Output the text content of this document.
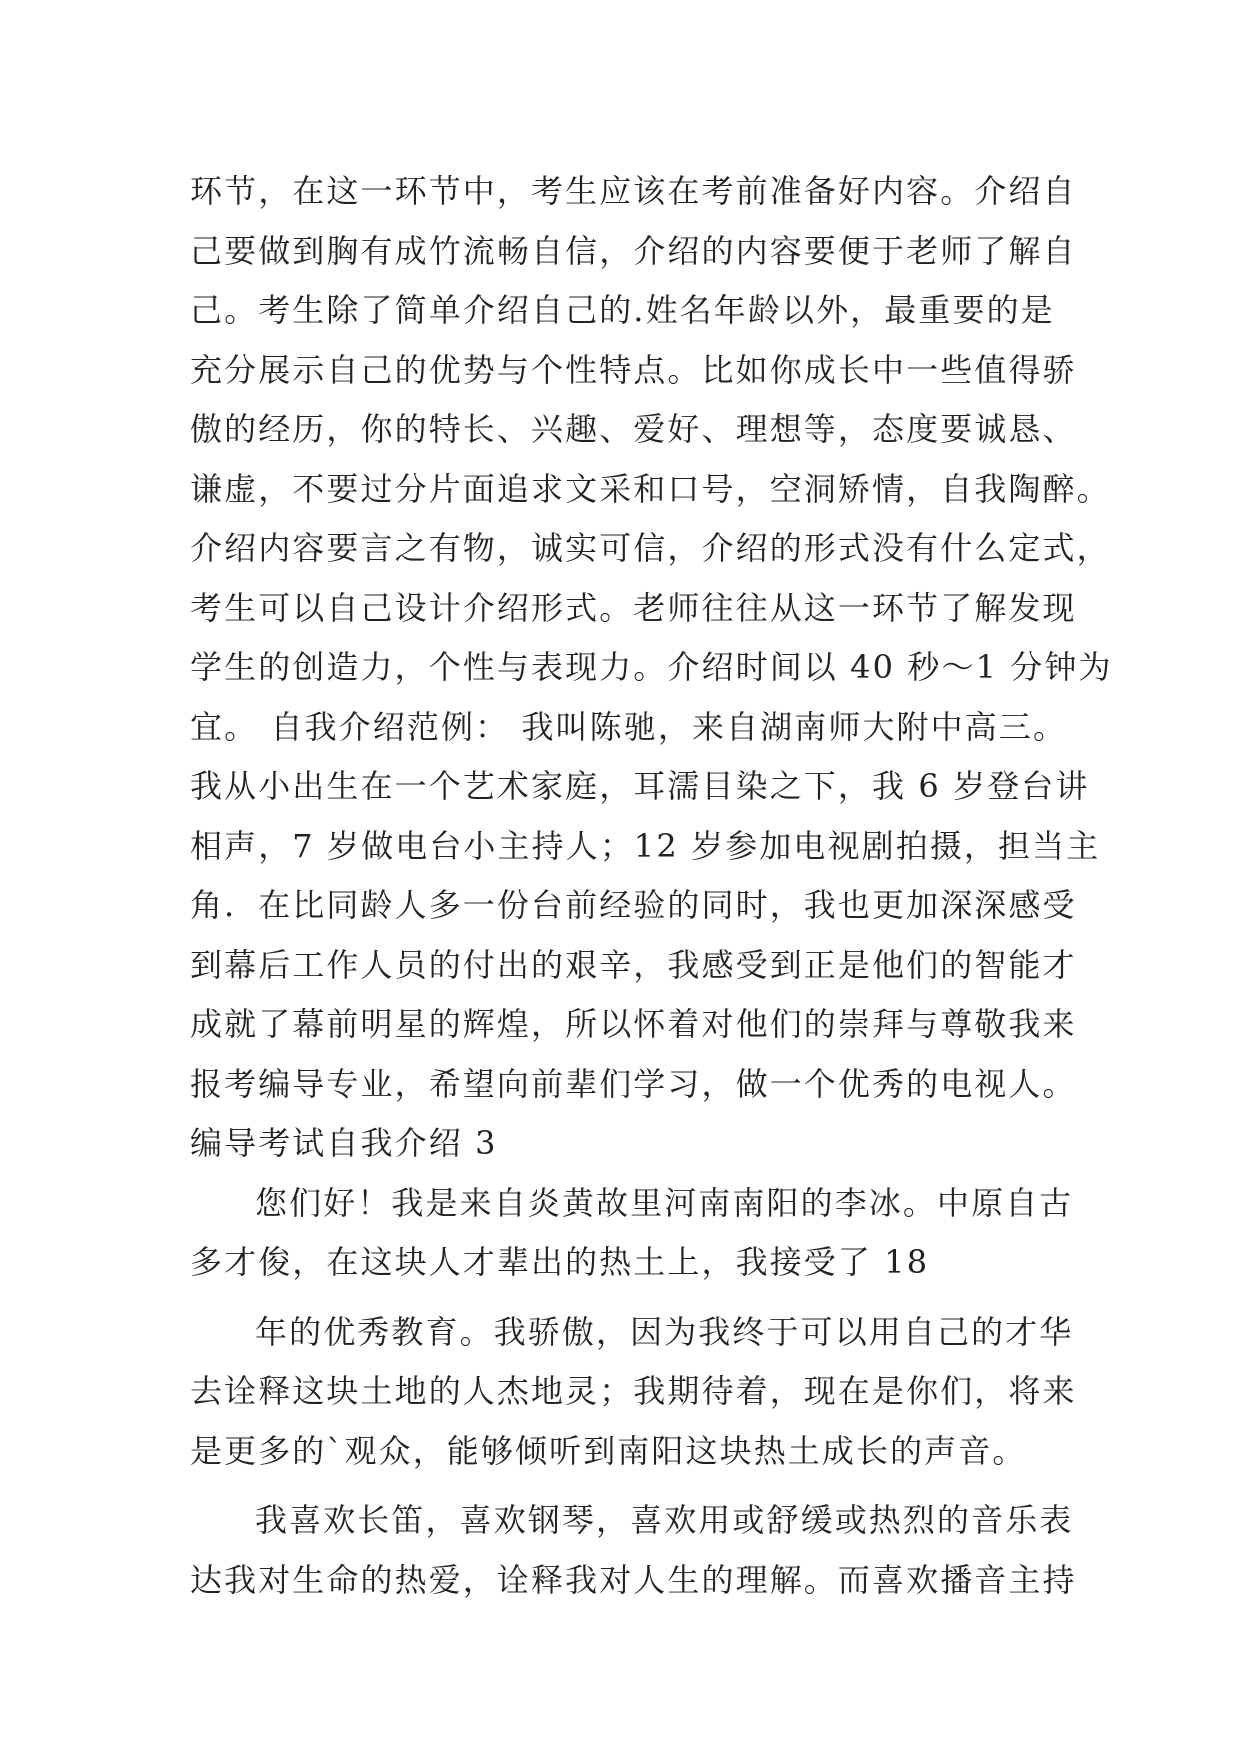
环节，在这一环节中，考生应该在考前准备好内容。介绍自
己要做到胸有成竹流畅自信，介绍的内容要便于老师了解自
己。考生除了简单介绍自己的.姓名年龄以外，最重要的是
充分展示自己的优势与个性特点。比如你成长中一些值得骄
傲的经历，你的特长、兴趣、爱好、理想等，态度要诚恳、
谦虚，不要过分片面追求文采和口号，空洞矫情，自我陶醉。
介绍内容要言之有物，诚实可信，介绍的形式没有什么定式，
考生可以自己设计介绍形式。老师往往从这一环节了解发现
学生的创造力，个性与表现力。介绍时间以 40 秒～1 分钟为
宜。 自我介绍范例： 我叫陈驰，来自湖南师大附中高三。
我从小出生在一个艺术家庭，耳濡目染之下，我 6 岁登台讲
相声，7 岁做电台小主持人；12 岁参加电视剧拍摄，担当主
角．在比同龄人多一份台前经验的同时，我也更加深深感受
到幕后工作人员的付出的艰辛，我感受到正是他们的智能才
成就了幕前明星的辉煌，所以怀着对他们的崇拜与尊敬我来
报考编导专业，希望向前辈们学习，做一个优秀的电视人。
编导考试自我介绍 3
您们好！我是来自炎黄故里河南南阳的李冰。中原自古
多才俊，在这块人才辈出的热土上，我接受了 18
年的优秀教育。我骄傲，因为我终于可以用自己的才华
去诠释这块土地的人杰地灵；我期待着，现在是你们，将来
是更多的`观众，能够倾听到南阳这块热土成长的声音。
我喜欢长笛，喜欢钢琴，喜欢用或舒缓或热烈的音乐表
达我对生命的热爱，诠释我对人生的理解。而喜欢播音主持
